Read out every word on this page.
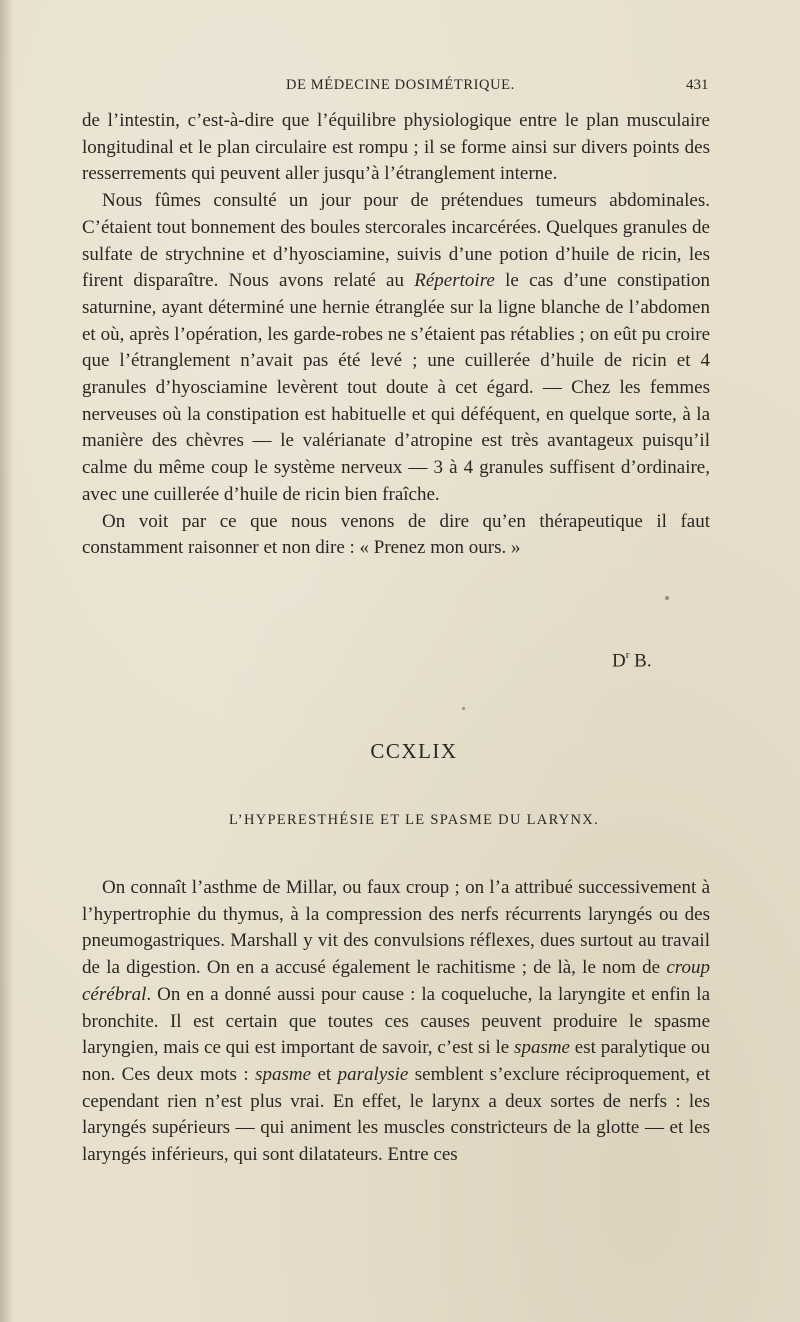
DE MÉDECINE DOSIMÉTRIQUE.	431

de l’intestin, c’est-à-dire que l’équilibre physiologique entre le plan musculaire longitudinal et le plan circulaire est rompu ; il se forme ainsi sur divers points des resserrements qui peuvent aller jusqu’à l’étranglement interne.

Nous fûmes consulté un jour pour de prétendues tumeurs abdominales. C’étaient tout bonnement des boules stercorales incarcérées. Quelques granules de sulfate de strychnine et d’hyosciamine, suivis d’une potion d’huile de ricin, les firent disparaître. Nous avons relaté au Répertoire le cas d’une constipation saturnine, ayant déterminé une hernie étranglée sur la ligne blanche de l’abdomen et où, après l’opération, les garde-robes ne s’étaient pas rétablies ; on eût pu croire que l’étranglement n’avait pas été levé ; une cuillerée d’huile de ricin et 4 granules d’hyosciamine levèrent tout doute à cet égard. — Chez les femmes nerveuses où la constipation est habituelle et qui déféquent, en quelque sorte, à la manière des chèvres — le valérianate d’atropine est très avantageux puisqu’il calme du même coup le système nerveux — 3 à 4 granules suffisent d’ordinaire, avec une cuillerée d’huile de ricin bien fraîche.

On voit par ce que nous venons de dire qu’en thérapeutique il faut constamment raisonner et non dire : « Prenez mon ours. »

$D^r$ B.
CCXLIX
L’HYPERESTHÉSIE ET LE SPASME DU LARYNX.

On connaît l’asthme de Millar, ou faux croup ; on l’a attribué successivement à l’hypertrophie du thymus, à la compression des nerfs récurrents laryngés ou des pneumogastriques. Marshall y vit des convulsions réflexes, dues surtout au travail de la digestion. On en a accusé également le rachitisme ; de là, le nom de croup cérébral. On en a donné aussi pour cause : la coqueluche, la laryngite et enfin la bronchite. Il est certain que toutes ces causes peuvent produire le spasme laryngien, mais ce qui est important de savoir, c’est si le spasme est paralytique ou non. Ces deux mots : spasme et paralysie semblent s’exclure réciproquement, et cependant rien n’est plus vrai. En effet, le larynx a deux sortes de nerfs : les laryngés supérieurs — qui animent les muscles constricteurs de la glotte — et les laryngés inférieurs, qui sont dilatateurs. Entre ces
